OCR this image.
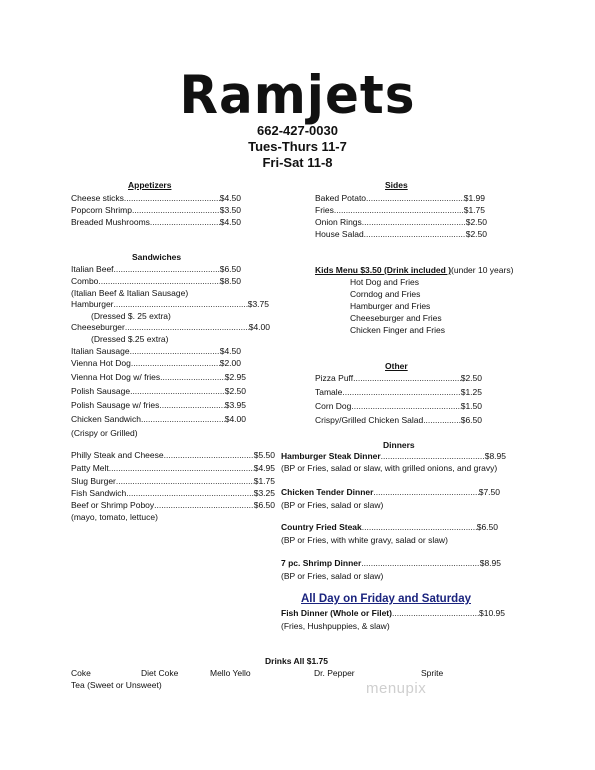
Ramjets
662-427-0030
Tues-Thurs 11-7
Fri-Sat 11-8
Appetizers
Cheese sticks .....	$4.50
Popcorn Shrimp .....	$3.50
Breaded Mushrooms .....	$4.50
Sandwiches
Italian Beef .....	$6.50
Combo .....	$8.50
(Italian Beef & Italian Sausage)
Hamburger .....	$3.75
(Dressed $. 25 extra)
Cheeseburger .....	$4.00
(Dressed $.25 extra)
Italian Sausage .....	$4.50
Vienna Hot Dog .....	$2.00
Vienna Hot Dog w/ fries .....	$2.95
Polish Sausage .....	$2.50
Polish Sausage w/ fries .....	$3.95
Chicken Sandwich .....	$4.00
(Crispy or Grilled)
Philly Steak and Cheese .....	$5.50
Patty Melt .....	$4.95
Slug Burger .....	$1.75
Fish Sandwich .....	$3.25
Beef or Shrimp Poboy .....	$6.50
(mayo, tomato, lettuce)
Sides
Baked Potato .....	$1.99
Fries .....	$1.75
Onion Rings .....	$2.50
House Salad .....	$2.50
Kids Menu $3.50 (Drink included )(under 10 years)
Hot Dog and Fries
Corndog and Fries
Hamburger and Fries
Cheeseburger and Fries
Chicken Finger and Fries
Other
Pizza Puff .....	$2.50
Tamale .....	$1.25
Corn Dog .....	$1.50
Crispy/Grilled Chicken Salad .....	$6.50
Dinners
Hamburger Steak Dinner .....	$8.95
(BP or Fries, salad or slaw, with grilled onions, and gravy)
Chicken Tender Dinner .....	$7.50
(BP or Fries, salad or slaw)
Country Fried Steak .....	$6.50
(BP or Fries, with white gravy, salad or slaw)
7 pc. Shrimp Dinner .....	$8.95
(BP or Fries, salad or slaw)
All Day on Friday and Saturday
Fish Dinner (Whole or Filet) .....	$10.95
(Fries, Hushpuppies, & slaw)
Drinks All $1.75
Coke	Diet Coke	Mello Yello	Dr. Pepper	Sprite
Tea (Sweet or Unsweet)	menupix
